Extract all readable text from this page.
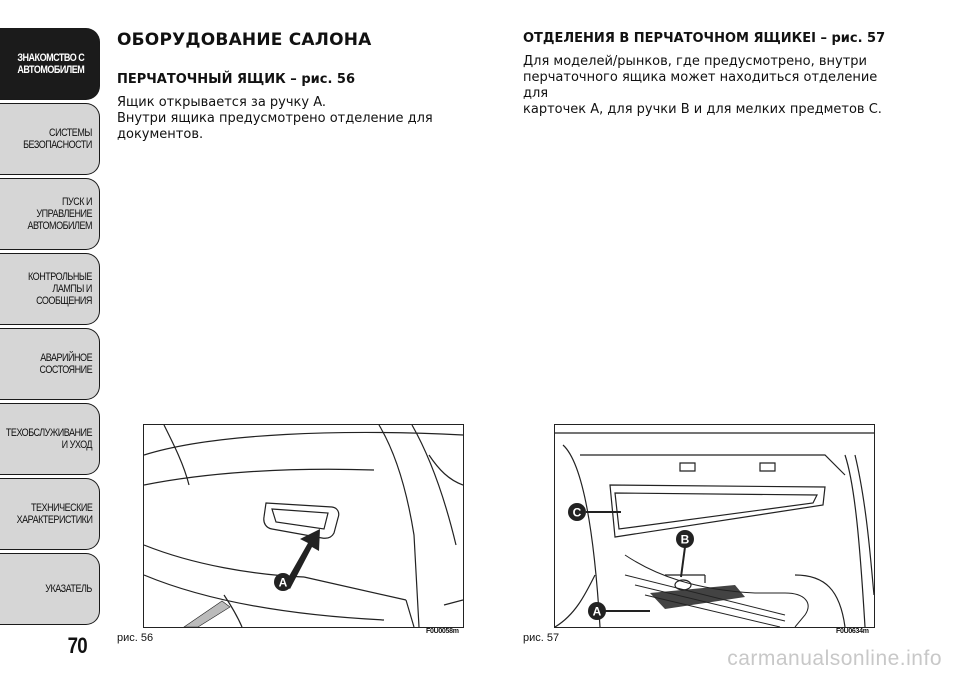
ЗНАКОМСТВО С
АВТОМОБИЛЕМ
СИСТЕМЫ
БЕЗОПАСНОСТИ
ПУСК И УПРАВЛЕНИЕ
АВТОМОБИЛЕМ
КОНТРОЛЬНЫЕ
ЛАМПЫ И
СООБЩЕНИЯ
АВАРИЙНОЕ
СОСТОЯНИЕ
ТЕХОБСЛУЖИВАНИЕ
И УХОД
ТЕХНИЧЕСКИЕ
ХАРАКТЕРИСТИКИ
УКАЗАТЕЛЬ
70
ОБОРУДОВАНИЕ САЛОНА
ПЕРЧАТОЧНЫЙ ЯЩИК – рис. 56

Ящик открывается за ручку A.

Внутри ящика предусмотрено отделение для документов.

ОТДЕЛЕНИЯ В ПЕРЧАТОЧНОМ ЯЩИКЕI – рис. 57

Для моделей/рынков, где предусмотрено, внутри

перчаточного ящика может находиться отделение для

карточек A, для ручки B и для мелких предметов C.

A
рис. 56
F0U0058m
C
B
A
рис. 57
F0U0634m
carmanualsonline.info
